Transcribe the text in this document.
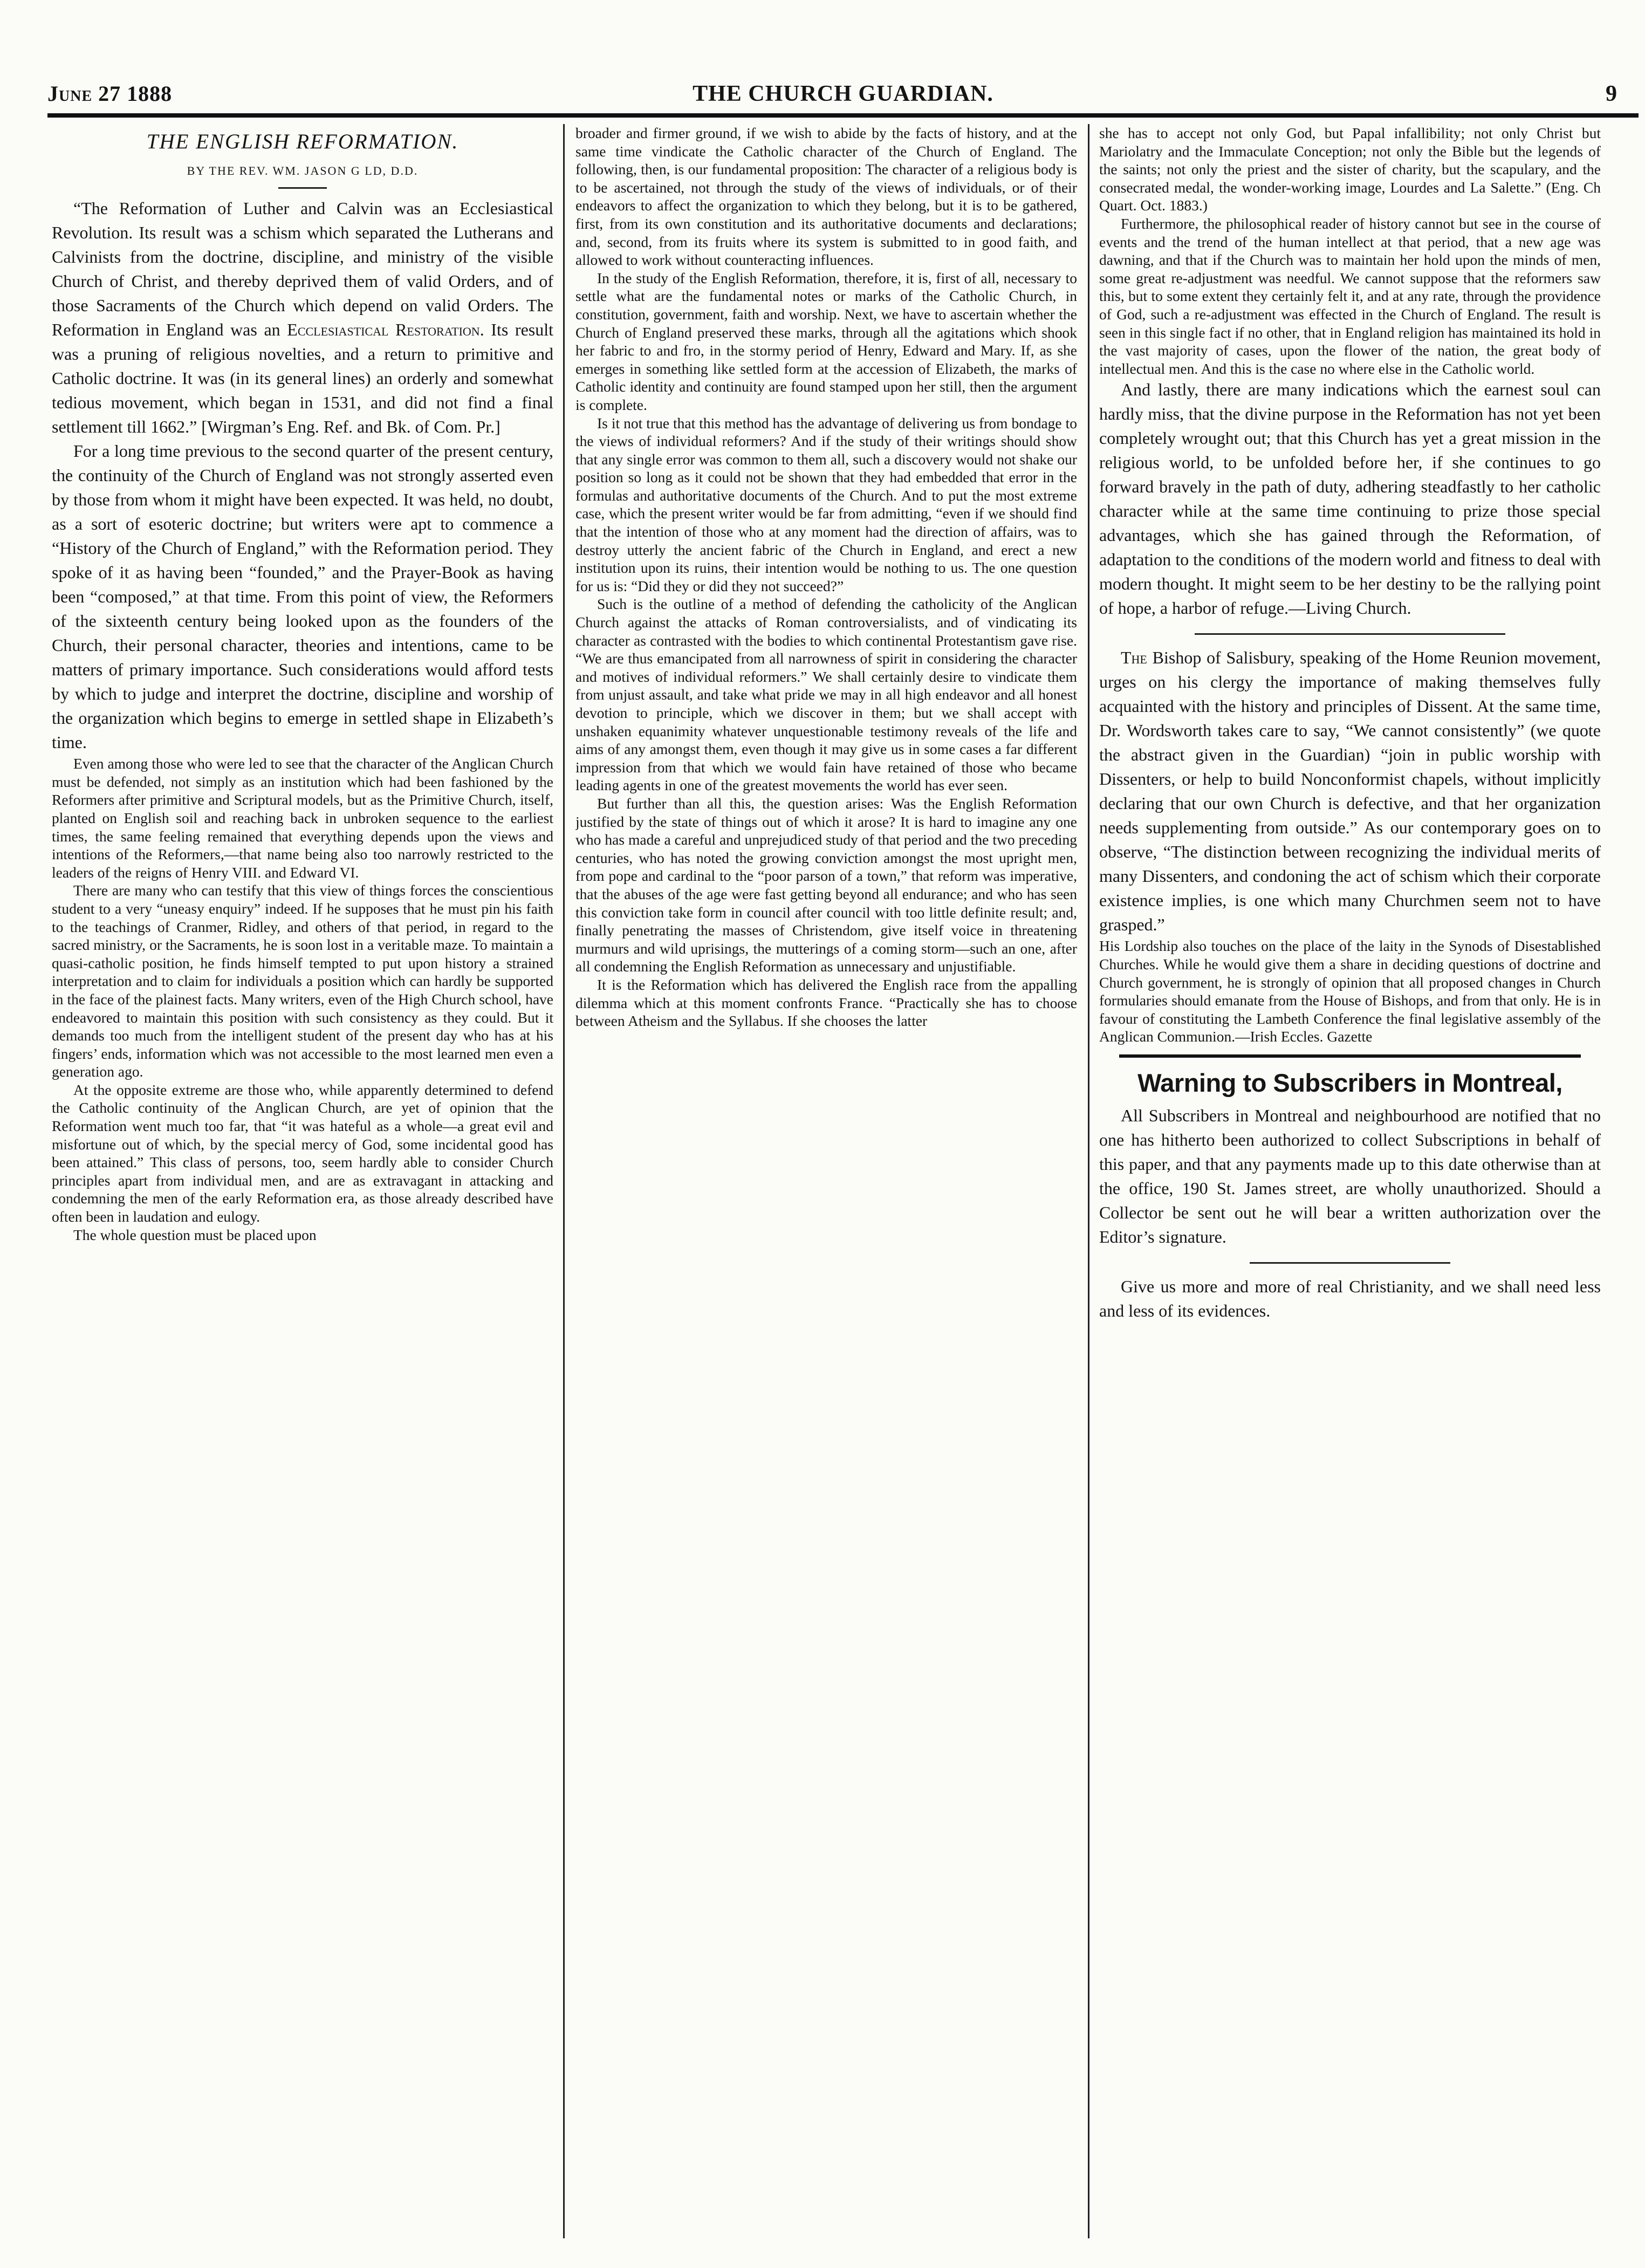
June 27 1888	THE CHURCH GUARDIAN.	9
THE ENGLISH REFORMATION.
BY THE REV. WM. JASON G LD, D.D.

“The Reformation of Luther and Calvin was an Ecclesiastical Revolution. Its result was a schism which separated the Lutherans and Calvinists from the doctrine, discipline, and ministry of the visible Church of Christ, and thereby deprived them of valid Orders, and of those Sacraments of the Church which depend on valid Orders. The Reformation in England was an Ecclesiastical Restoration. Its result was a pruning of religious novelties, and a return to primitive and Catholic doctrine. It was (in its general lines) an orderly and somewhat tedious movement, which began in 1531, and did not find a final settlement till 1662.” [Wirgman’s Eng. Ref. and Bk. of Com. Pr.]

For a long time previous to the second quarter of the present century, the continuity of the Church of England was not strongly asserted even by those from whom it might have been expected. It was held, no doubt, as a sort of esoteric doctrine; but writers were apt to commence a “History of the Church of England,” with the Reformation period. They spoke of it as having been “founded,” and the Prayer-Book as having been “composed,” at that time. From this point of view, the Reformers of the sixteenth century being looked upon as the founders of the Church, their personal character, theories and intentions, came to be matters of primary importance. Such considerations would afford tests by which to judge and interpret the doctrine, discipline and worship of the organization which begins to emerge in settled shape in Elizabeth’s time.

Even among those who were led to see that the character of the Anglican Church must be defended, not simply as an institution which had been fashioned by the Reformers after primitive and Scriptural models, but as the Primitive Church, itself, planted on English soil and reaching back in unbroken sequence to the earliest times, the same feeling remained that everything depends upon the views and intentions of the Reformers,—that name being also too narrowly restricted to the leaders of the reigns of Henry VIII. and Edward VI.

There are many who can testify that this view of things forces the conscientious student to a very “uneasy enquiry” indeed. If he supposes that he must pin his faith to the teachings of Cranmer, Ridley, and others of that period, in regard to the sacred ministry, or the Sacraments, he is soon lost in a veritable maze. To maintain a quasi-catholic position, he finds himself tempted to put upon history a strained interpretation and to claim for individuals a position which can hardly be supported in the face of the plainest facts. Many writers, even of the High Church school, have endeavored to maintain this position with such consistency as they could. But it demands too much from the intelligent student of the present day who has at his fingers’ ends, information which was not accessible to the most learned men even a generation ago.

At the opposite extreme are those who, while apparently determined to defend the Catholic continuity of the Anglican Church, are yet of opinion that the Reformation went much too far, that “it was hateful as a whole—a great evil and misfortune out of which, by the special mercy of God, some incidental good has been attained.” This class of persons, too, seem hardly able to consider Church principles apart from individual men, and are as extravagant in attacking and condemning the men of the early Reformation era, as those already described have often been in laudation and eulogy.

The whole question must be placed upon

broader and firmer ground, if we wish to abide by the facts of history, and at the same time vindicate the Catholic character of the Church of England. The following, then, is our fundamental proposition: The character of a religious body is to be ascertained, not through the study of the views of individuals, or of their endeavors to affect the organization to which they belong, but it is to be gathered, first, from its own constitution and its authoritative documents and declarations; and, second, from its fruits where its system is submitted to in good faith, and allowed to work without counteracting influences.

In the study of the English Reformation, therefore, it is, first of all, necessary to settle what are the fundamental notes or marks of the Catholic Church, in constitution, government, faith and worship. Next, we have to ascertain whether the Church of England preserved these marks, through all the agitations which shook her fabric to and fro, in the stormy period of Henry, Edward and Mary. If, as she emerges in something like settled form at the accession of Elizabeth, the marks of Catholic identity and continuity are found stamped upon her still, then the argument is complete.

Is it not true that this method has the advantage of delivering us from bondage to the views of individual reformers? And if the study of their writings should show that any single error was common to them all, such a discovery would not shake our position so long as it could not be shown that they had embedded that error in the formulas and authoritative documents of the Church. And to put the most extreme case, which the present writer would be far from admitting, “even if we should find that the intention of those who at any moment had the direction of affairs, was to destroy utterly the ancient fabric of the Church in England, and erect a new institution upon its ruins, their intention would be nothing to us. The one question for us is: “Did they or did they not succeed?”

Such is the outline of a method of defending the catholicity of the Anglican Church against the attacks of Roman controversialists, and of vindicating its character as contrasted with the bodies to which continental Protestantism gave rise. “We are thus emancipated from all narrowness of spirit in considering the character and motives of individual reformers.” We shall certainly desire to vindicate them from unjust assault, and take what pride we may in all high endeavor and all honest devotion to principle, which we discover in them; but we shall accept with unshaken equanimity whatever unquestionable testimony reveals of the life and aims of any amongst them, even though it may give us in some cases a far different impression from that which we would fain have retained of those who became leading agents in one of the greatest movements the world has ever seen.

But further than all this, the question arises: Was the English Reformation justified by the state of things out of which it arose? It is hard to imagine any one who has made a careful and unprejudiced study of that period and the two preceding centuries, who has noted the growing conviction amongst the most upright men, from pope and cardinal to the “poor parson of a town,” that reform was imperative, that the abuses of the age were fast getting beyond all endurance; and who has seen this conviction take form in council after council with too little definite result; and, finally penetrating the masses of Christendom, give itself voice in threatening murmurs and wild uprisings, the mutterings of a coming storm—such an one, after all condemning the English Reformation as unnecessary and unjustifiable.

It is the Reformation which has delivered the English race from the appalling dilemma which at this moment confronts France. “Practically she has to choose between Atheism and the Syllabus. If she chooses the latter

she has to accept not only God, but Papal infallibility; not only Christ but Mariolatry and the Immaculate Conception; not only the Bible but the legends of the saints; not only the priest and the sister of charity, but the scapulary, and the consecrated medal, the wonder-working image, Lourdes and La Salette.” (Eng. Ch Quart. Oct. 1883.)

Furthermore, the philosophical reader of history cannot but see in the course of events and the trend of the human intellect at that period, that a new age was dawning, and that if the Church was to maintain her hold upon the minds of men, some great re-adjustment was needful. We cannot suppose that the reformers saw this, but to some extent they certainly felt it, and at any rate, through the providence of God, such a re-adjustment was effected in the Church of England. The result is seen in this single fact if no other, that in England religion has maintained its hold in the vast majority of cases, upon the flower of the nation, the great body of intellectual men. And this is the case no where else in the Catholic world.

And lastly, there are many indications which the earnest soul can hardly miss, that the divine purpose in the Reformation has not yet been completely wrought out; that this Church has yet a great mission in the religious world, to be unfolded before her, if she continues to go forward bravely in the path of duty, adhering steadfastly to her catholic character while at the same time continuing to prize those special advantages, which she has gained through the Reformation, of adaptation to the conditions of the modern world and fitness to deal with modern thought. It might seem to be her destiny to be the rallying point of hope, a harbor of refuge.—Living Church.

The Bishop of Salisbury, speaking of the Home Reunion movement, urges on his clergy the importance of making themselves fully acquainted with the history and principles of Dissent. At the same time, Dr. Wordsworth takes care to say, “We cannot consistently” (we quote the abstract given in the Guardian) “join in public worship with Dissenters, or help to build Nonconformist chapels, without implicitly declaring that our own Church is defective, and that her organization needs supplementing from outside.” As our contemporary goes on to observe, “The distinction between recognizing the individual merits of many Dissenters, and condoning the act of schism which their corporate existence implies, is one which many Churchmen seem not to have grasped.”

His Lordship also touches on the place of the laity in the Synods of Disestablished Churches. While he would give them a share in deciding questions of doctrine and Church government, he is strongly of opinion that all proposed changes in Church formularies should emanate from the House of Bishops, and from that only. He is in favour of constituting the Lambeth Conference the final legislative assembly of the Anglican Communion.—Irish Eccles. Gazette

Warning to Subscribers in Montreal,

All Subscribers in Montreal and neighbourhood are notified that no one has hitherto been authorized to collect Subscriptions in behalf of this paper, and that any payments made up to this date otherwise than at the office, 190 St. James street, are wholly unauthorized. Should a Collector be sent out he will bear a written authorization over the Editor’s signature.

Give us more and more of real Christianity, and we shall need less and less of its evidences.
